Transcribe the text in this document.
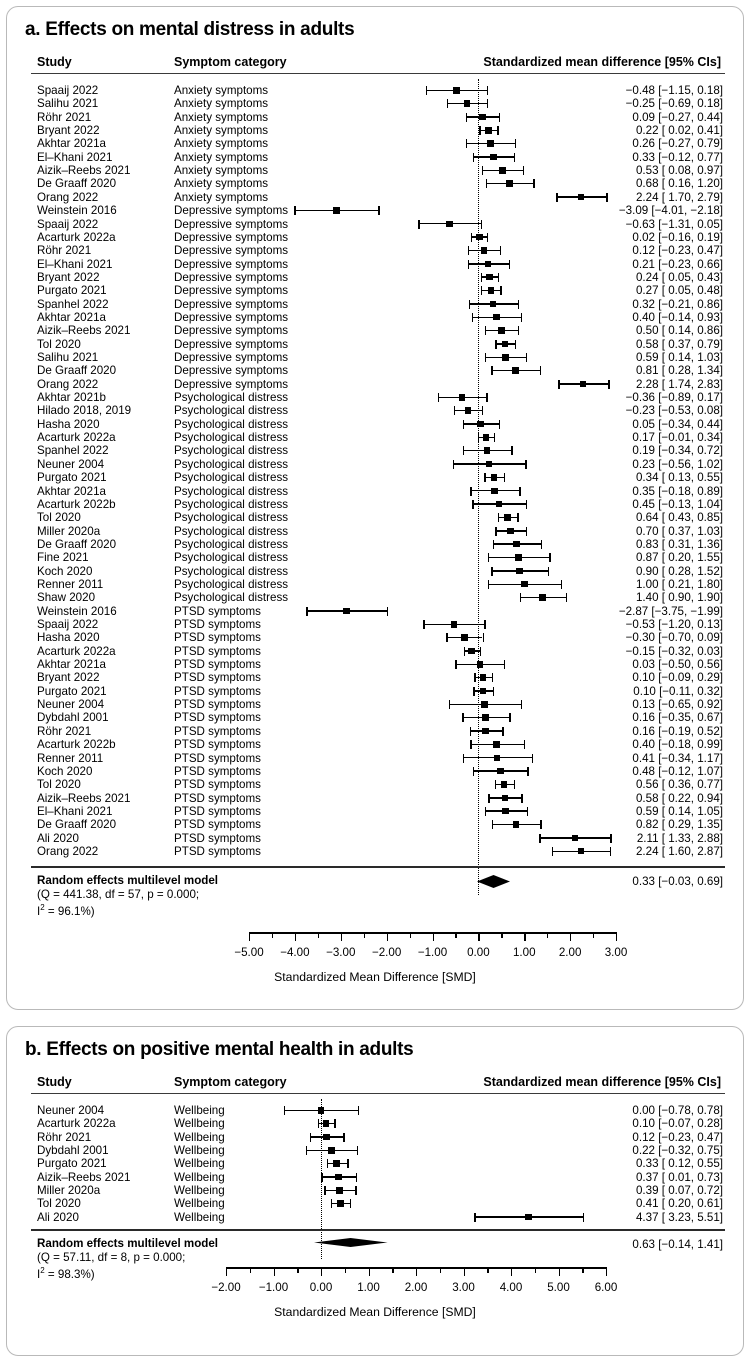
a. Effects on mental distress in adults
Study	Symptom category	Standardized mean difference [95% CIs]
Spaaij 2022	Anxiety symptoms	−0.48 [−1.15, 0.18]
Salihu 2021	Anxiety symptoms	−0.25 [−0.69, 0.18]
Röhr 2021	Anxiety symptoms	0.09 [−0.27, 0.44]
Bryant 2022	Anxiety symptoms	0.22 [ 0.02, 0.41]
Akhtar 2021a	Anxiety symptoms	0.26 [−0.27, 0.79]
El–Khani 2021	Anxiety symptoms	0.33 [−0.12, 0.77]
Aizik–Reebs 2021	Anxiety symptoms	0.53 [ 0.08, 0.97]
De Graaff 2020	Anxiety symptoms	0.68 [ 0.16, 1.20]
Orang 2022	Anxiety symptoms	2.24 [ 1.70, 2.79]
Weinstein 2016	Depressive symptoms	−3.09 [−4.01, −2.18]
Spaaij 2022	Depressive symptoms	−0.63 [−1.31, 0.05]
Acarturk 2022a	Depressive symptoms	0.02 [−0.16, 0.19]
Röhr 2021	Depressive symptoms	0.12 [−0.23, 0.47]
El–Khani 2021	Depressive symptoms	0.21 [−0.23, 0.66]
Bryant 2022	Depressive symptoms	0.24 [ 0.05, 0.43]
Purgato 2021	Depressive symptoms	0.27 [ 0.05, 0.48]
Spanhel 2022	Depressive symptoms	0.32 [−0.21, 0.86]
Akhtar 2021a	Depressive symptoms	0.40 [−0.14, 0.93]
Aizik–Reebs 2021	Depressive symptoms	0.50 [ 0.14, 0.86]
Tol 2020	Depressive symptoms	0.58 [ 0.37, 0.79]
Salihu 2021	Depressive symptoms	0.59 [ 0.14, 1.03]
De Graaff 2020	Depressive symptoms	0.81 [ 0.28, 1.34]
Orang 2022	Depressive symptoms	2.28 [ 1.74, 2.83]
Akhtar 2021b	Psychological distress	−0.36 [−0.89, 0.17]
Hilado 2018, 2019	Psychological distress	−0.23 [−0.53, 0.08]
Hasha 2020	Psychological distress	0.05 [−0.34, 0.44]
Acarturk 2022a	Psychological distress	0.17 [−0.01, 0.34]
Spanhel 2022	Psychological distress	0.19 [−0.34, 0.72]
Neuner 2004	Psychological distress	0.23 [−0.56, 1.02]
Purgato 2021	Psychological distress	0.34 [ 0.13, 0.55]
Akhtar 2021a	Psychological distress	0.35 [−0.18, 0.89]
Acarturk 2022b	Psychological distress	0.45 [−0.13, 1.04]
Tol 2020	Psychological distress	0.64 [ 0.43, 0.85]
Miller 2020a	Psychological distress	0.70 [ 0.37, 1.03]
De Graaff 2020	Psychological distress	0.83 [ 0.31, 1.36]
Fine 2021	Psychological distress	0.87 [ 0.20, 1.55]
Koch 2020	Psychological distress	0.90 [ 0.28, 1.52]
Renner 2011	Psychological distress	1.00 [ 0.21, 1.80]
Shaw 2020	Psychological distress	1.40 [ 0.90, 1.90]
Weinstein 2016	PTSD symptoms	−2.87 [−3.75, −1.99]
Spaaij 2022	PTSD symptoms	−0.53 [−1.20, 0.13]
Hasha 2020	PTSD symptoms	−0.30 [−0.70, 0.09]
Acarturk 2022a	PTSD symptoms	−0.15 [−0.32, 0.03]
Akhtar 2021a	PTSD symptoms	0.03 [−0.50, 0.56]
Bryant 2022	PTSD symptoms	0.10 [−0.09, 0.29]
Purgato 2021	PTSD symptoms	0.10 [−0.11, 0.32]
Neuner 2004	PTSD symptoms	0.13 [−0.65, 0.92]
Dybdahl 2001	PTSD symptoms	0.16 [−0.35, 0.67]
Röhr 2021	PTSD symptoms	0.16 [−0.19, 0.52]
Acarturk 2022b	PTSD symptoms	0.40 [−0.18, 0.99]
Renner 2011	PTSD symptoms	0.41 [−0.34, 1.17]
Koch 2020	PTSD symptoms	0.48 [−0.12, 1.07]
Tol 2020	PTSD symptoms	0.56 [ 0.36, 0.77]
Aizik–Reebs 2021	PTSD symptoms	0.58 [ 0.22, 0.94]
El–Khani 2021	PTSD symptoms	0.59 [ 0.14, 1.05]
De Graaff 2020	PTSD symptoms	0.82 [ 0.29, 1.35]
Ali 2020	PTSD symptoms	2.11 [ 1.33, 2.88]
Orang 2022	PTSD symptoms	2.24 [ 1.60, 2.87]
Random effects multilevel model
(Q = 441.38, df = 57, p = 0.000;
$I^2 = 96.1\%$)
0.33 [−0.03, 0.69]
−5.00 −4.00 −3.00 −2.00 −1.00 0.00 1.00 2.00 3.00
Standardized Mean Difference [SMD]
b. Effects on positive mental health in adults
Study	Symptom category	Standardized mean difference [95% CIs]
Neuner 2004	Wellbeing	0.00 [−0.78, 0.78]
Acarturk 2022a	Wellbeing	0.10 [−0.07, 0.28]
Röhr 2021	Wellbeing	0.12 [−0.23, 0.47]
Dybdahl 2001	Wellbeing	0.22 [−0.32, 0.75]
Purgato 2021	Wellbeing	0.33 [ 0.12, 0.55]
Aizik–Reebs 2021	Wellbeing	0.37 [ 0.01, 0.73]
Miller 2020a	Wellbeing	0.39 [ 0.07, 0.72]
Tol 2020	Wellbeing	0.41 [ 0.20, 0.61]
Ali 2020	Wellbeing	4.37 [ 3.23, 5.51]
Random effects multilevel model
(Q = 57.11, df = 8, p = 0.000;
$I^2 = 98.3\%$)
0.63 [−0.14, 1.41]
−2.00 −1.00 0.00 1.00 2.00 3.00 4.00 5.00 6.00
Standardized Mean Difference [SMD]
